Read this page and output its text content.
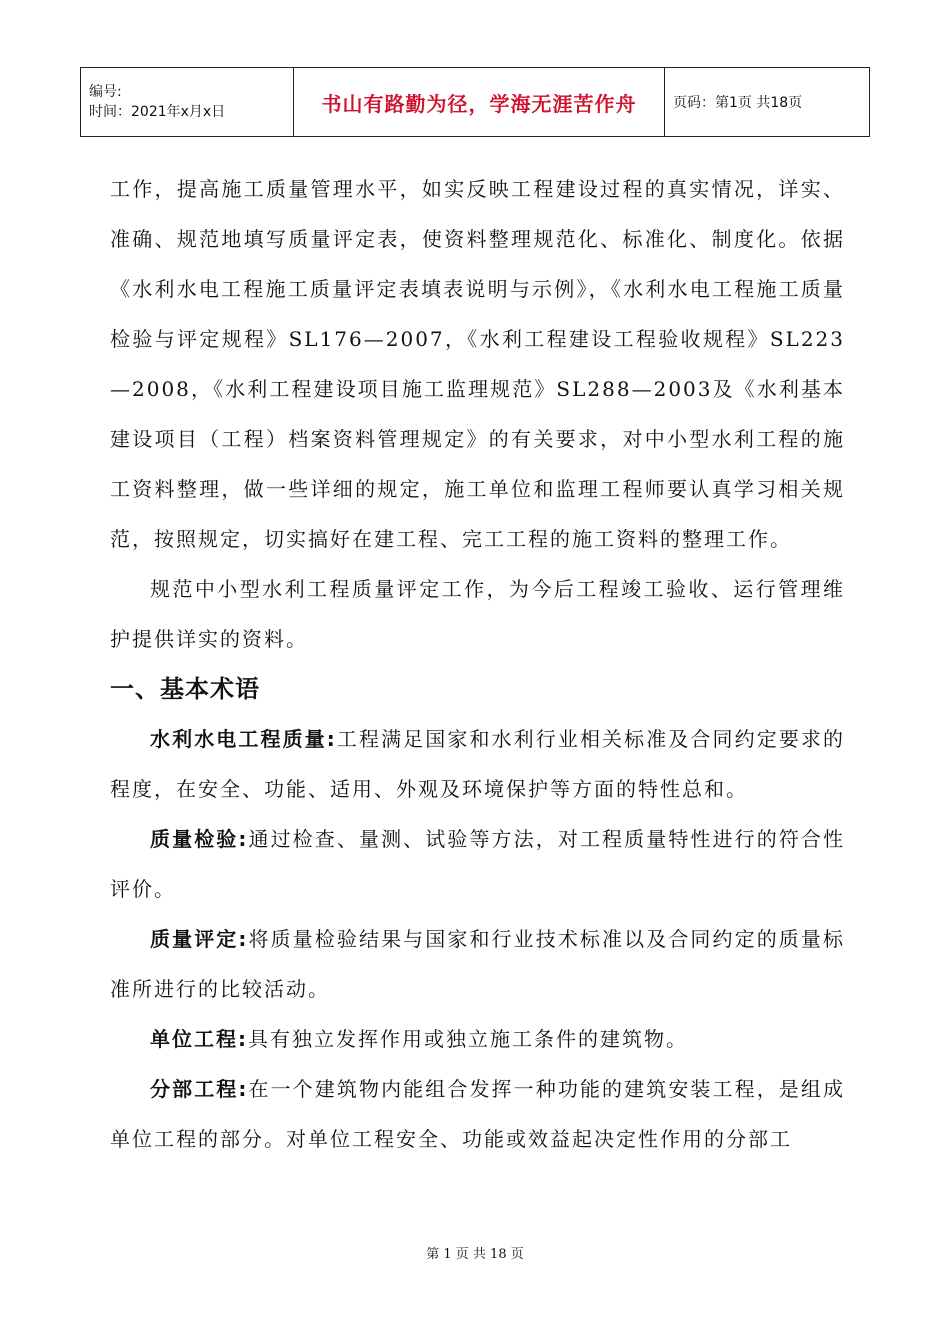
编号:
时间：2021年x月x日	书山有路勤为径，学海无涯苦作舟	页码：第1页 共18页

工作，提高施工质量管理水平，如实反映工程建设过程的真实情况，详实、准确、规范地填写质量评定表，使资料整理规范化、标准化、制度化。依据《水利水电工程施工质量评定表填表说明与示例》，《水利水电工程施工质量检验与评定规程》SL176—2007，《水利工程建设工程验收规程》SL223—2008，《水利工程建设项目施工监理规范》SL288—2003及《水利基本建设项目（工程）档案资料管理规定》的有关要求，对中小型水利工程的施工资料整理，做一些详细的规定，施工单位和监理工程师要认真学习相关规范，按照规定，切实搞好在建工程、完工工程的施工资料的整理工作。

规范中小型水利工程质量评定工作，为今后工程竣工验收、运行管理维护提供详实的资料。

一、基本术语

水利水电工程质量:工程满足国家和水利行业相关标准及合同约定要求的程度，在安全、功能、适用、外观及环境保护等方面的特性总和。

质量检验:通过检查、量测、试验等方法，对工程质量特性进行的符合性评价。

质量评定:将质量检验结果与国家和行业技术标准以及合同约定的质量标准所进行的比较活动。

单位工程:具有独立发挥作用或独立施工条件的建筑物。

分部工程:在一个建筑物内能组合发挥一种功能的建筑安装工程，是组成单位工程的部分。对单位工程安全、功能或效益起决定性作用的分部工

第 1 页 共 18 页
